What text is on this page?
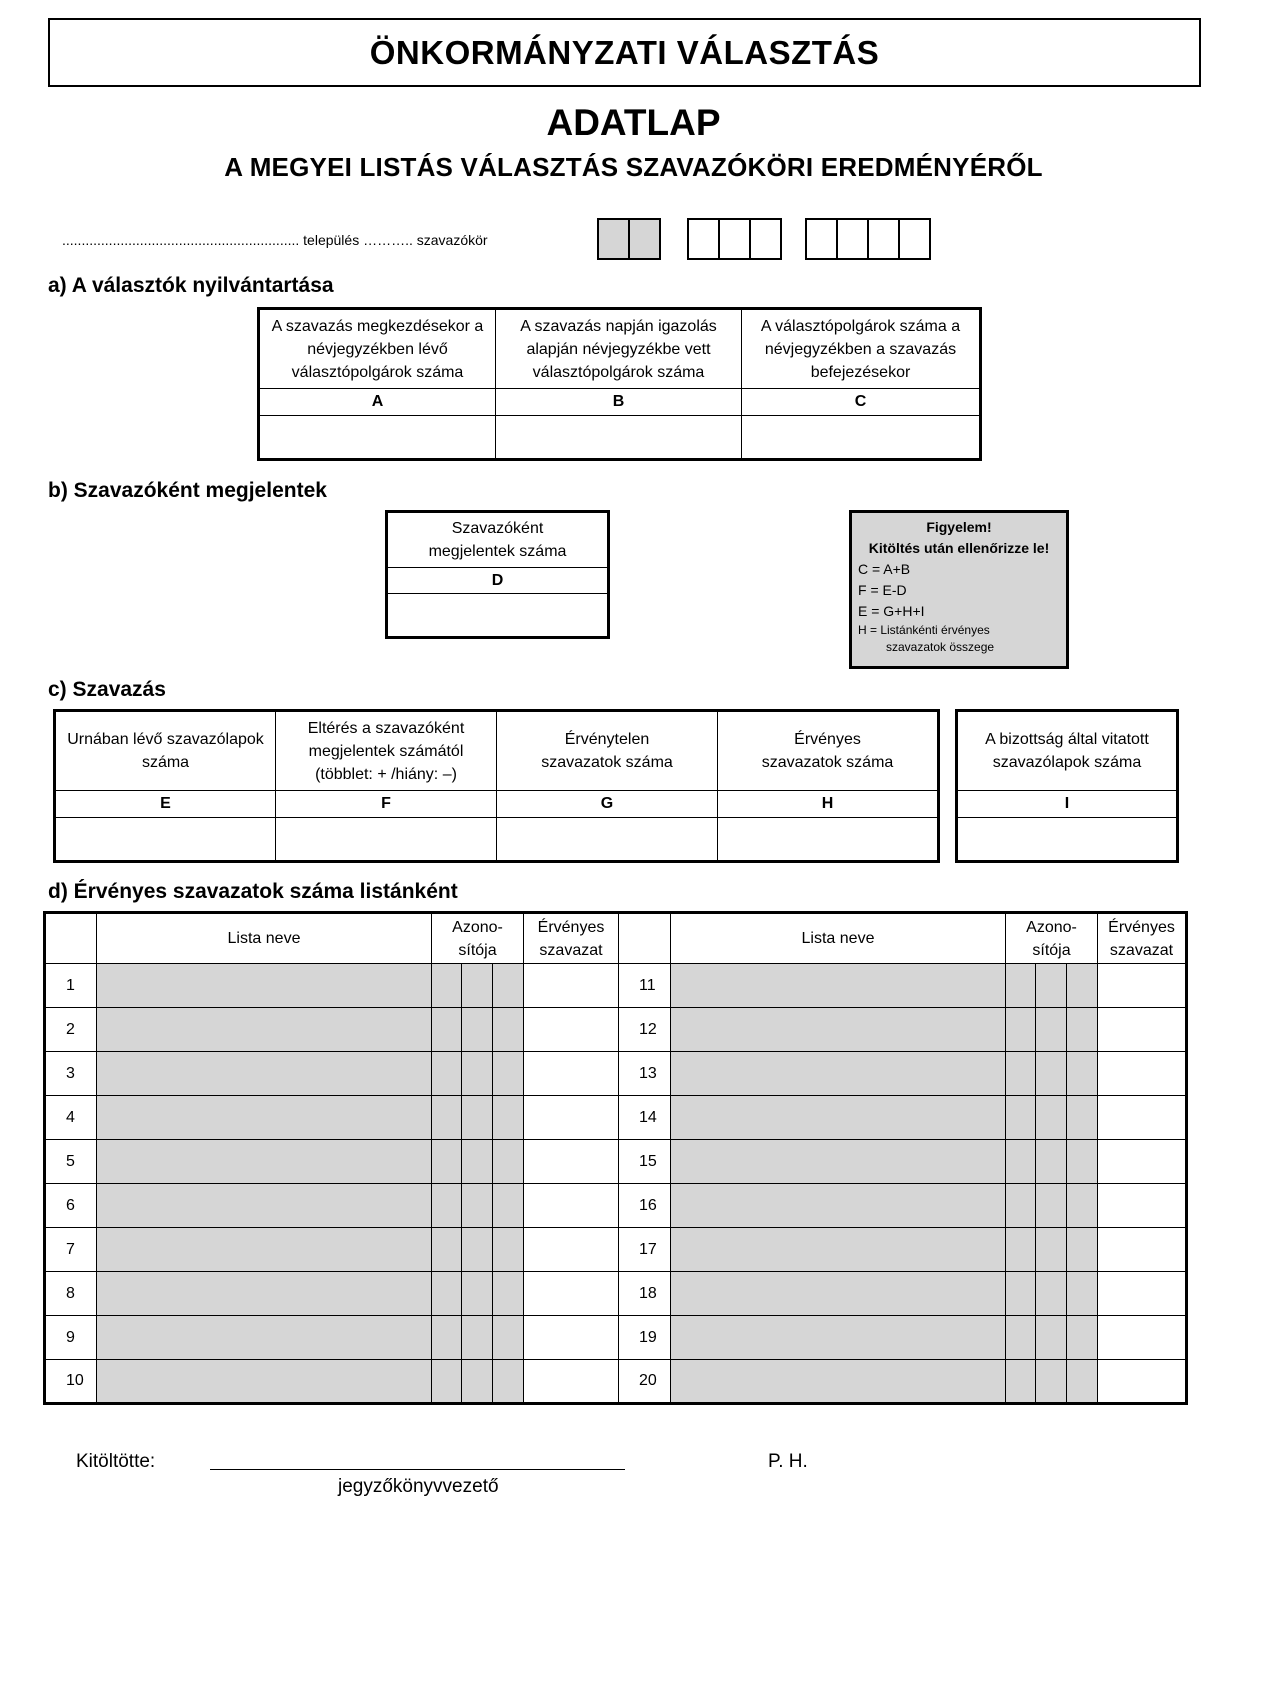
ÖNKORMÁNYZATI VÁLASZTÁS
ADATLAP
A MEGYEI LISTÁS VÁLASZTÁS SZAVAZÓKÖRI EREDMÉNYÉRŐL
............................................................. település ……….. szavazókör
a) A választók nyilvántartása
A szavazás megkezdésekor a
névjegyzékben lévő
választópolgárok száma	A szavazás napján igazolás
alapján névjegyzékbe vett
választópolgárok száma	A választópolgárok száma a
névjegyzékben a szavazás
befejezésekor
A	B	C

b) Szavazóként megjelentek
Szavazóként
megjelentek száma
D

Figyelem!
Kitöltés után ellenőrizze le!
C = A+B
F = E-D
E = G+H+I
H = Listánkénti érvényes
szavazatok összege
c) Szavazás
Urnában lévő szavazólapok
száma	Eltérés a szavazóként
megjelentek számától
(többlet: + /hiány: –)	Érvénytelen
szavazatok száma	Érvényes
szavazatok száma
E	F	G	H

A bizottság által vitatott
szavazólapok száma
I

d) Érvényes szavazatok száma listánként
	Lista neve	Azono-
sítója			Érvényes
szavazat		Lista neve	Azono-
sítója			Érvényes
szavazat
1						11					
2						12					
3						13					
4						14					
5						15					
6						16					
7						17					
8						18					
9						19					
10						20					
Kitöltötte:
jegyzőkönyvvezető
P. H.
